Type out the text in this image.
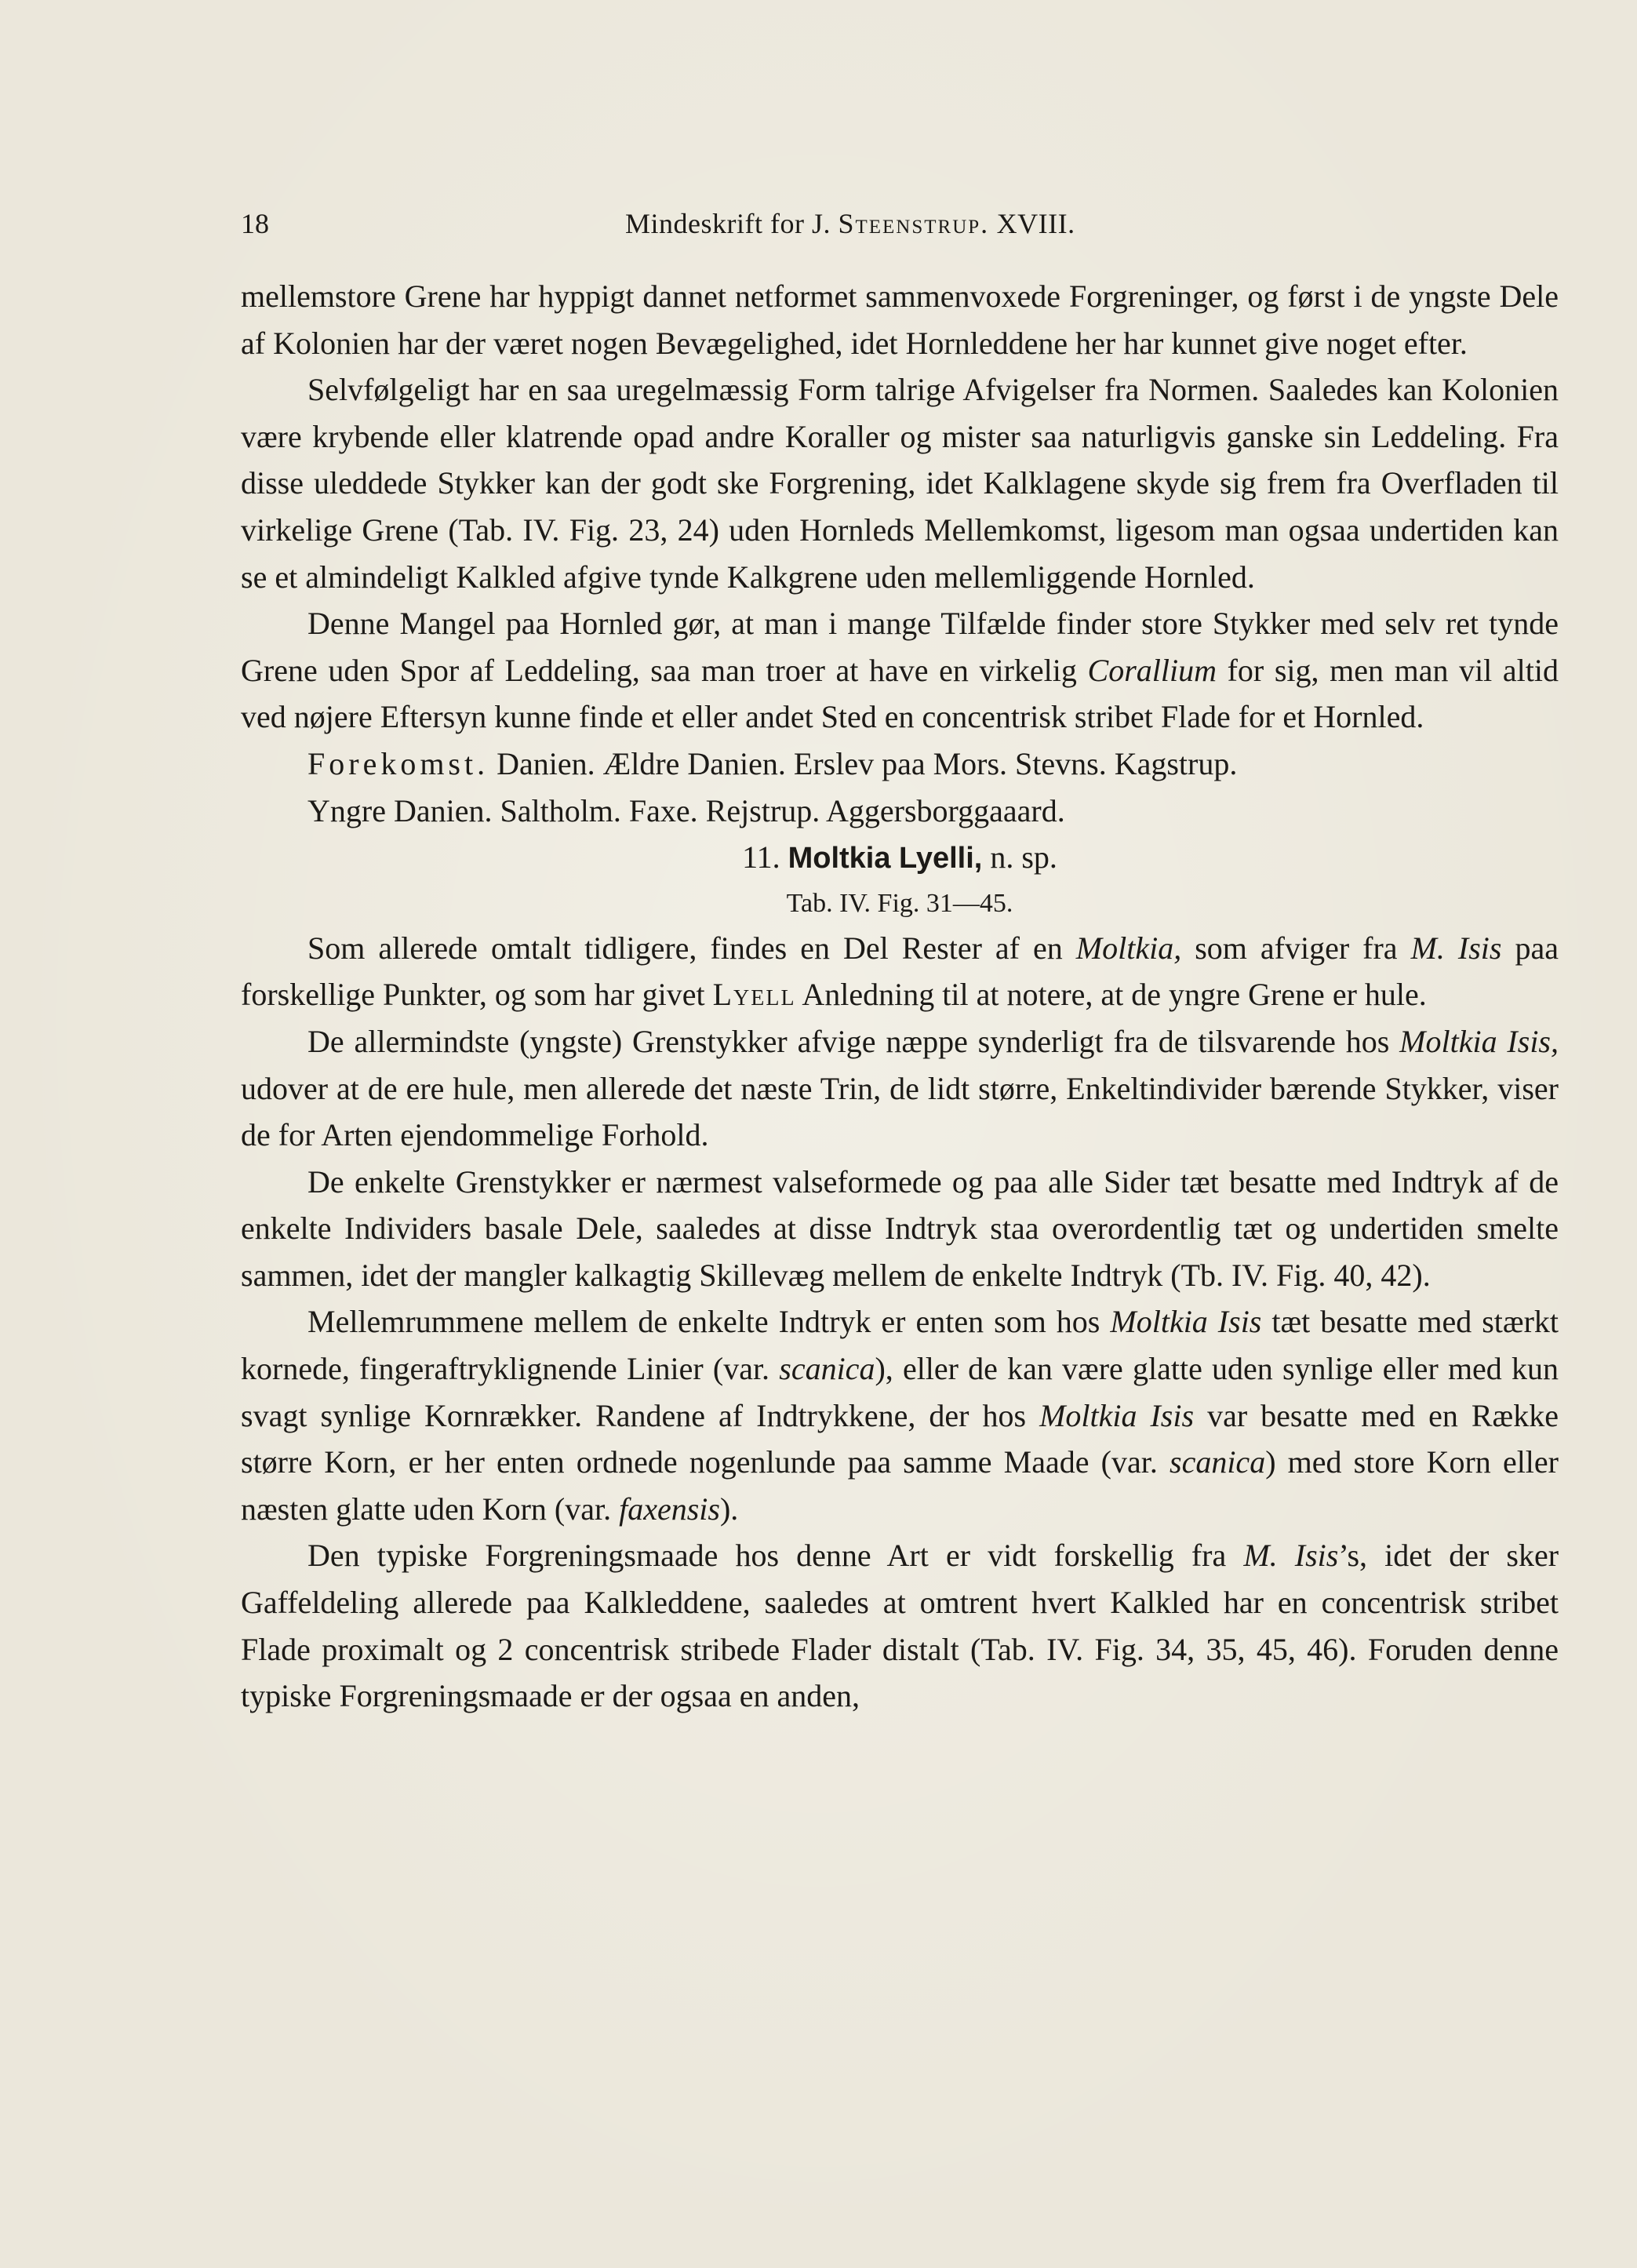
18	Mindeskrift for J. Steenstrup. XVIII.

mellemstore Grene har hyppigt dannet netformet sammenvoxede Forgreninger, og først i de yngste Dele af Kolonien har der været nogen Bevægelighed, idet Hornleddene her har kunnet give noget efter.

Selvfølgeligt har en saa uregelmæssig Form talrige Afvigelser fra Normen. Saaledes kan Kolonien være krybende eller klatrende opad andre Koraller og mister saa naturligvis ganske sin Leddeling. Fra disse uleddede Stykker kan der godt ske Forgrening, idet Kalklagene skyde sig frem fra Overfladen til virkelige Grene (Tab. IV. Fig. 23, 24) uden Hornleds Mellemkomst, ligesom man ogsaa undertiden kan se et almindeligt Kalkled afgive tynde Kalkgrene uden mellemliggende Hornled.

Denne Mangel paa Hornled gør, at man i mange Tilfælde finder store Stykker med selv ret tynde Grene uden Spor af Leddeling, saa man troer at have en virkelig Corallium for sig, men man vil altid ved nøjere Eftersyn kunne finde et eller andet Sted en concentrisk stribet Flade for et Hornled.

Forekomst. Danien. Ældre Danien. Erslev paa Mors. Stevns. Kagstrup.

Yngre Danien. Saltholm. Faxe. Rejstrup. Aggersborggaaard.

11. Moltkia Lyelli, n. sp.

Tab. IV. Fig. 31—45.

Som allerede omtalt tidligere, findes en Del Rester af en Moltkia, som afviger fra M. Isis paa forskellige Punkter, og som har givet Lyell Anledning til at notere, at de yngre Grene er hule.

De allermindste (yngste) Grenstykker afvige næppe synderligt fra de tilsvarende hos Moltkia Isis, udover at de ere hule, men allerede det næste Trin, de lidt større, Enkeltindivider bærende Stykker, viser de for Arten ejendommelige Forhold.

De enkelte Grenstykker er nærmest valseformede og paa alle Sider tæt besatte med Indtryk af de enkelte Individers basale Dele, saaledes at disse Indtryk staa overordentlig tæt og undertiden smelte sammen, idet der mangler kalkagtig Skillevæg mellem de enkelte Indtryk (Tb. IV. Fig. 40, 42).

Mellemrummene mellem de enkelte Indtryk er enten som hos Moltkia Isis tæt besatte med stærkt kornede, fingeraftryklignende Linier (var. scanica), eller de kan være glatte uden synlige eller med kun svagt synlige Kornrækker. Randene af Indtrykkene, der hos Moltkia Isis var besatte med en Række større Korn, er her enten ordnede nogenlunde paa samme Maade (var. scanica) med store Korn eller næsten glatte uden Korn (var. faxensis).

Den typiske Forgreningsmaade hos denne Art er vidt forskellig fra M. Isis’s, idet der sker Gaffeldeling allerede paa Kalkleddene, saaledes at omtrent hvert Kalkled har en concentrisk stribet Flade proximalt og 2 concentrisk stribede Flader distalt (Tab. IV. Fig. 34, 35, 45, 46). Foruden denne typiske Forgreningsmaade er der ogsaa en anden,
